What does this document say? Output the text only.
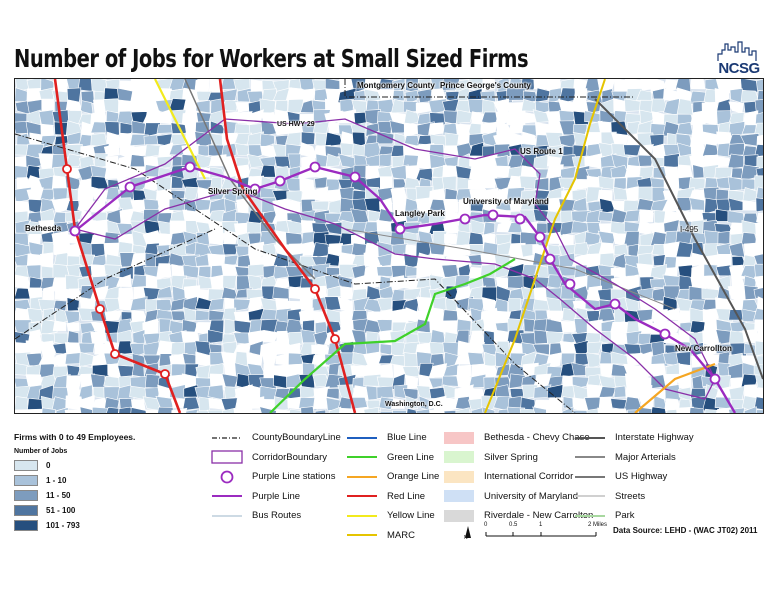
Number of Jobs for Workers at Small Sized Firms	NCSG
Montgomery County Prince George's County
US HWY 29
US Route 1
Silver Spring
Bethesda
Langley Park
University of Maryland
I-495
New Carrollton
Washington, D.C.
Firms with 0 to 49 Employees.
Number of Jobs
0
1 - 10
11 - 50
51 - 100
101 - 793
CountyBoundaryLine
CorridorBoundary
Purple Line stations
Purple Line
Bus Routes
Blue Line
Green Line
Orange Line
Red Line
Yellow Line
MARC
Bethesda - Chevy Chase
Silver Spring
International Corridor
University of Maryland
Riverdale - New Carrolton
Interstate Highway
Major Arterials
US Highway
Streets
Park
0	0.5	1	2 Miles
N
Data Source: LEHD - (WAC JT02) 2011
